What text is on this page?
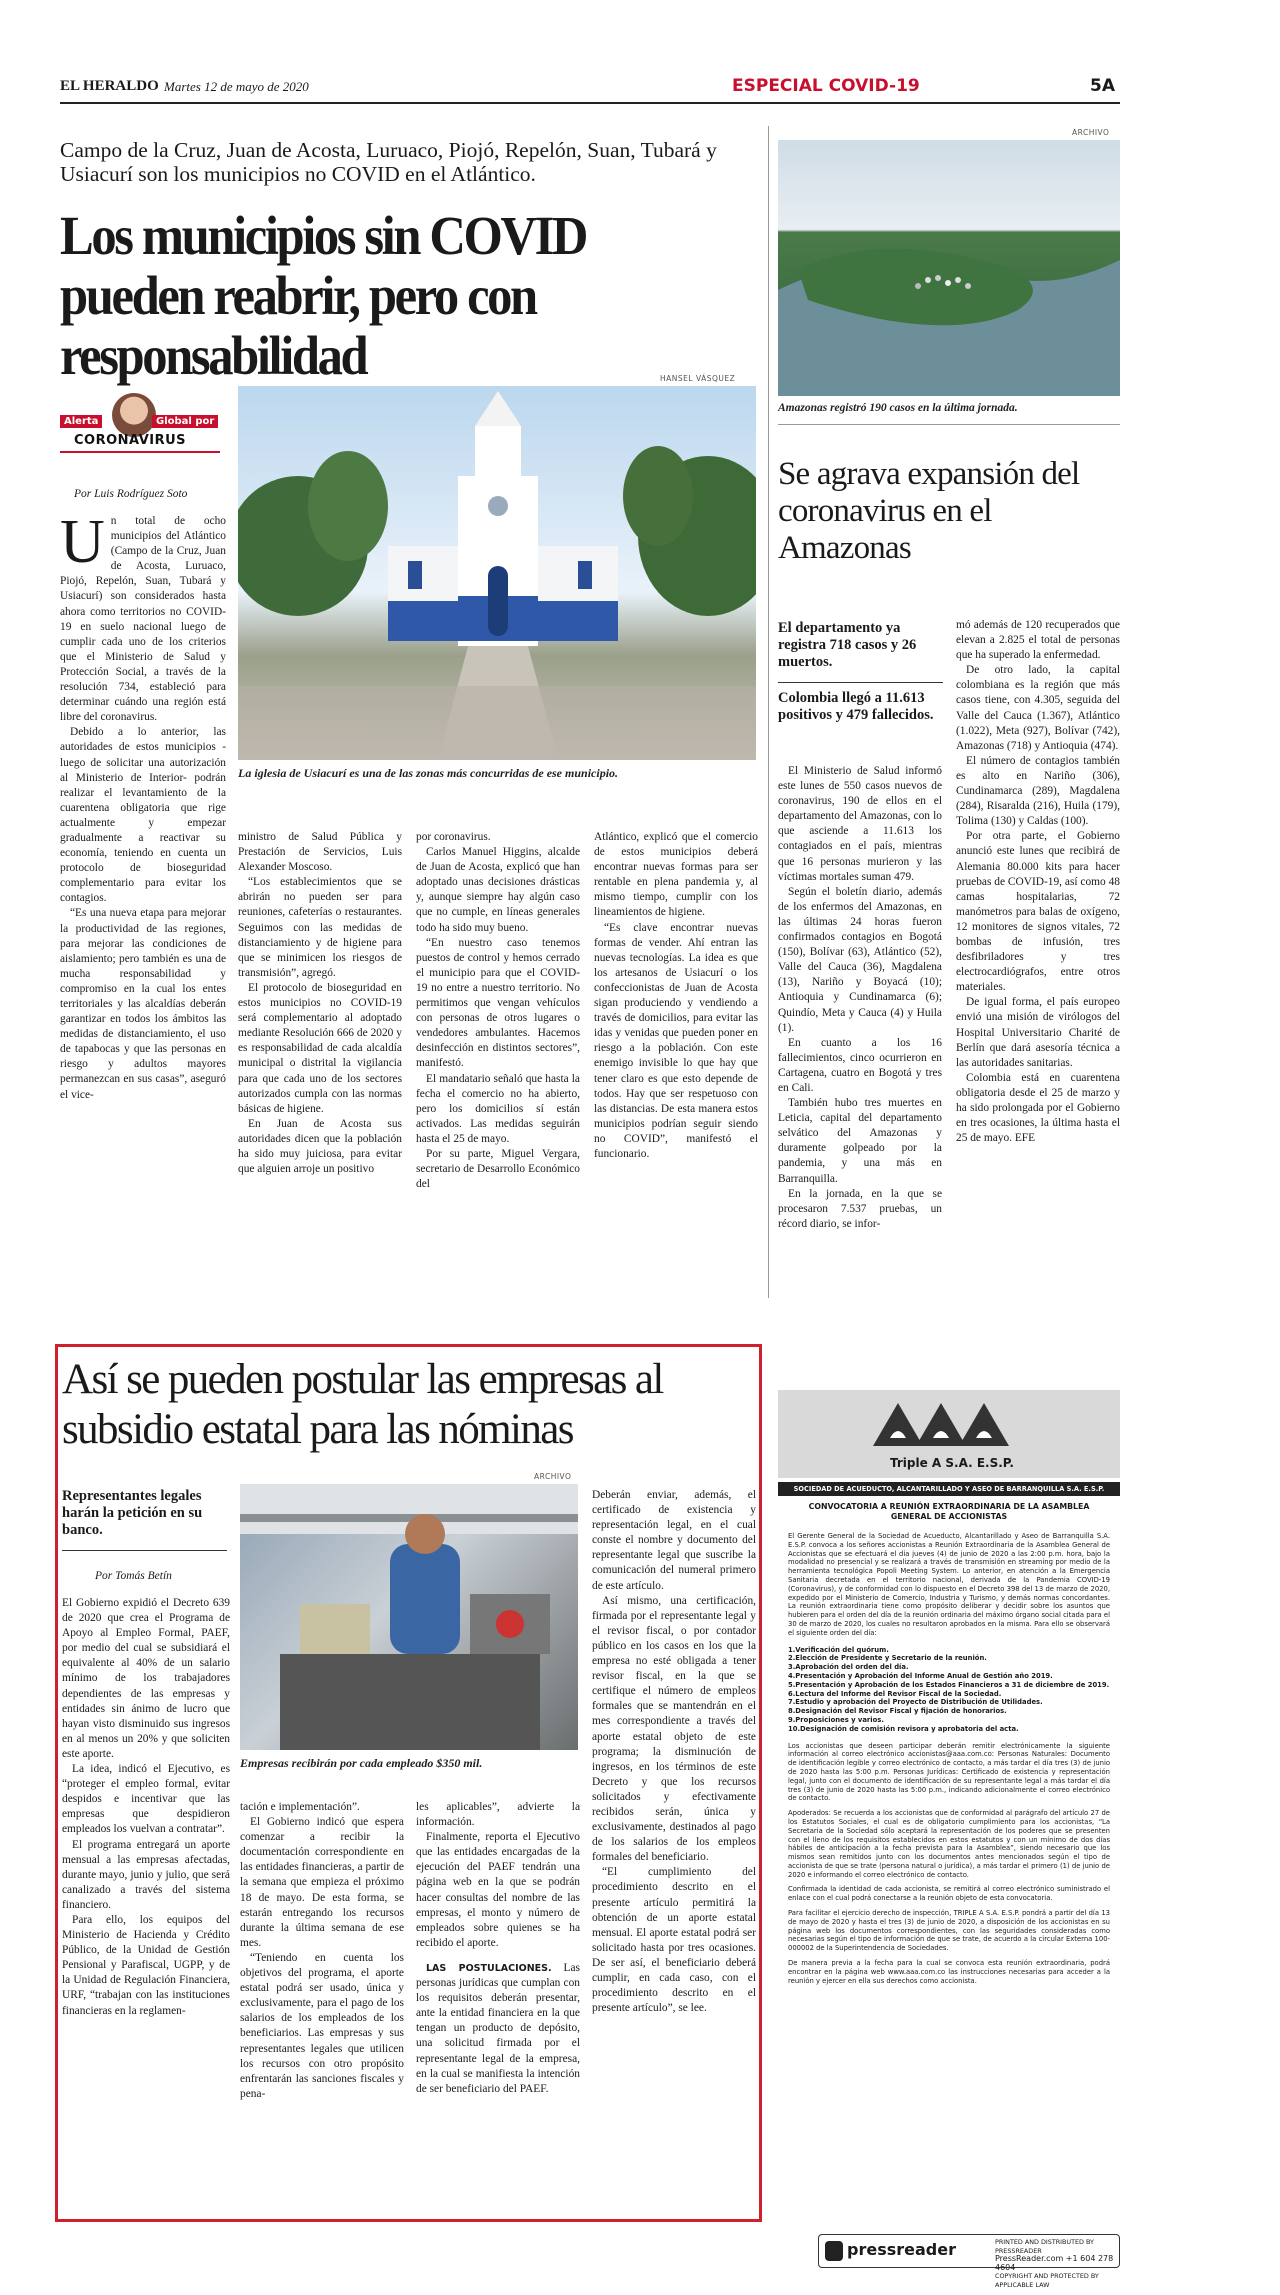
EL HERALDO Martes 12 de mayo de 2020	ESPECIAL COVID-19	5A
Campo de la Cruz, Juan de Acosta, Luruaco, Piojó, Repelón, Suan, Tubará y Usiacurí son los municipios no COVID en el Atlántico.
Los municipios sin COVID pueden reabrir, pero con responsabilidad
Alerta	Global por
CORONAVIRUS
HANSEL VÁSQUEZ
La iglesia de Usiacurí es una de las zonas más concurridas de ese municipio.
Por Luis Rodríguez Soto
U n total de ocho municipios del Atlántico (Campo de la Cruz, Juan de Acosta, Luruaco, Piojó, Repelón, Suan, Tubará y Usiacurí) son considerados hasta ahora como territorios no COVID-19 en suelo nacional luego de cumplir cada uno de los criterios que el Ministerio de Salud y Protección Social, a través de la resolución 734, estableció para determinar cuándo una región está libre del coronavirus.

Debido a lo anterior, las autoridades de estos municipios -luego de solicitar una autorización al Ministerio de Interior- podrán realizar el levantamiento de la cuarentena obligatoria que rige actualmente y empezar gradualmente a reactivar su economía, teniendo en cuenta un protocolo de bioseguridad complementario para evitar los contagios.

“Es una nueva etapa para mejorar la productividad de las regiones, para mejorar las condiciones de aislamiento; pero también es una de mucha responsabilidad y compromiso en la cual los entes territoriales y las alcaldías deberán garantizar en todos los ámbitos las medidas de distanciamiento, el uso de tapabocas y que las personas en riesgo y adultos mayores permanezcan en sus casas”, aseguró el vice-

ministro de Salud Pública y Prestación de Servicios, Luis Alexander Moscoso.

“Los establecimientos que se abrirán no pueden ser para reuniones, cafeterías o restaurantes. Seguimos con las medidas de distanciamiento y de higiene para que se minimicen los riesgos de transmisión”, agregó.

El protocolo de bioseguridad en estos municipios no COVID-19 será complementario al adoptado mediante Resolución 666 de 2020 y es responsabilidad de cada alcaldía municipal o distrital la vigilancia para que cada uno de los sectores autorizados cumpla con las normas básicas de higiene.

En Juan de Acosta sus autoridades dicen que la población ha sido muy juiciosa, para evitar que alguien arroje un positivo

por coronavirus.

Carlos Manuel Higgins, alcalde de Juan de Acosta, explicó que han adoptado unas decisiones drásticas y, aunque siempre hay algún caso que no cumple, en líneas generales todo ha sido muy bueno.

“En nuestro caso tenemos puestos de control y hemos cerrado el municipio para que el COVID-19 no entre a nuestro territorio. No permitimos que vengan vehículos con personas de otros lugares o vendedores ambulantes. Hacemos desinfección en distintos sectores”, manifestó.

El mandatario señaló que hasta la fecha el comercio no ha abierto, pero los domicilios sí están activados. Las medidas seguirán hasta el 25 de mayo.

Por su parte, Miguel Vergara, secretario de Desarrollo Económico del

Atlántico, explicó que el comercio de estos municipios deberá encontrar nuevas formas para ser rentable en plena pandemia y, al mismo tiempo, cumplir con los lineamientos de higiene.

“Es clave encontrar nuevas formas de vender. Ahí entran las nuevas tecnologías. La idea es que los artesanos de Usiacurí o los confeccionistas de Juan de Acosta sigan produciendo y vendiendo a través de domicilios, para evitar las idas y venidas que pueden poner en riesgo a la población. Con este enemigo invisible lo que hay que tener claro es que esto depende de todos. Hay que ser respetuoso con las distancias. De esta manera estos municipios podrían seguir siendo no COVID”, manifestó el funcionario.

ARCHIVO
Amazonas registró 190 casos en la última jornada.
Se agrava expansión del coronavirus en el Amazonas
El departamento ya registra 718 casos y 26 muertos.
Colombia llegó a 11.613 positivos y 479 fallecidos.

El Ministerio de Salud informó este lunes de 550 casos nuevos de coronavirus, 190 de ellos en el departamento del Amazonas, con lo que asciende a 11.613 los contagiados en el país, mientras que 16 personas murieron y las víctimas mortales suman 479.

Según el boletín diario, además de los enfermos del Amazonas, en las últimas 24 horas fueron confirmados contagios en Bogotá (150), Bolívar (63), Atlántico (52), Valle del Cauca (36), Magdalena (13), Nariño y Boyacá (10); Antioquia y Cundinamarca (6); Quindío, Meta y Cauca (4) y Huila (1).

En cuanto a los 16 fallecimientos, cinco ocurrieron en Cartagena, cuatro en Bogotá y tres en Cali.

También hubo tres muertes en Leticia, capital del departamento selvático del Amazonas y duramente golpeado por la pandemia, y una más en Barranquilla.

En la jornada, en la que se procesaron 7.537 pruebas, un récord diario, se infor-

mó además de 120 recuperados que elevan a 2.825 el total de personas que ha superado la enfermedad.

De otro lado, la capital colombiana es la región que más casos tiene, con 4.305, seguida del Valle del Cauca (1.367), Atlántico (1.022), Meta (927), Bolívar (742), Amazonas (718) y Antioquia (474).

El número de contagios también es alto en Nariño (306), Cundinamarca (289), Magdalena (284), Risaralda (216), Huila (179), Tolima (130) y Caldas (100).

Por otra parte, el Gobierno anunció este lunes que recibirá de Alemania 80.000 kits para hacer pruebas de COVID-19, así como 48 camas hospitalarias, 72 manómetros para balas de oxígeno, 12 monitores de signos vitales, 72 bombas de infusión, tres desfibriladores y tres electrocardiógrafos, entre otros materiales.

De igual forma, el país europeo envió una misión de virólogos del Hospital Universitario Charité de Berlín que dará asesoría técnica a las autoridades sanitarias.

Colombia está en cuarentena obligatoria desde el 25 de marzo y ha sido prolongada por el Gobierno en tres ocasiones, la última hasta el 25 de mayo. EFE

Así se pueden postular las empresas al subsidio estatal para las nóminas
Representantes legales harán la petición en su banco.
Por Tomás Betín
ARCHIVO
Empresas recibirán por cada empleado $350 mil.

El Gobierno expidió el Decreto 639 de 2020 que crea el Programa de Apoyo al Empleo Formal, PAEF, por medio del cual se subsidiará el equivalente al 40% de un salario mínimo de los trabajadores dependientes de las empresas y entidades sin ánimo de lucro que hayan visto disminuido sus ingresos en al menos un 20% y que soliciten este aporte.

La idea, indicó el Ejecutivo, es “proteger el empleo formal, evitar despidos e incentivar que las empresas que despidieron empleados los vuelvan a contratar”.

El programa entregará un aporte mensual a las empresas afectadas, durante mayo, junio y julio, que será canalizado a través del sistema financiero.

Para ello, los equipos del Ministerio de Hacienda y Crédito Público, de la Unidad de Gestión Pensional y Parafiscal, UGPP, y de la Unidad de Regulación Financiera, URF, “trabajan con las instituciones financieras en la reglamen-

tación e implementación”.

El Gobierno indicó que espera comenzar a recibir la documentación correspondiente en las entidades financieras, a partir de la semana que empieza el próximo 18 de mayo. De esta forma, se estarán entregando los recursos durante la última semana de ese mes.

“Teniendo en cuenta los objetivos del programa, el aporte estatal podrá ser usado, única y exclusivamente, para el pago de los salarios de los empleados de los beneficiarios. Las empresas y sus representantes legales que utilicen los recursos con otro propósito enfrentarán las sanciones fiscales y pena-

les aplicables”, advierte la información.

Finalmente, reporta el Ejecutivo que las entidades encargadas de la ejecución del PAEF tendrán una página web en la que se podrán hacer consultas del nombre de las empresas, el monto y número de empleados sobre quienes se ha recibido el aporte.

LAS POSTULACIONES. Las personas jurídicas que cumplan con los requisitos deberán presentar, ante la entidad financiera en la que tengan un producto de depósito, una solicitud firmada por el representante legal de la empresa, en la cual se manifiesta la intención de ser beneficiario del PAEF.

Deberán enviar, además, el certificado de existencia y representación legal, en el cual conste el nombre y documento del representante legal que suscribe la comunicación del numeral primero de este artículo.

Así mismo, una certificación, firmada por el representante legal y el revisor fiscal, o por contador público en los casos en los que la empresa no esté obligada a tener revisor fiscal, en la que se certifique el número de empleos formales que se mantendrán en el mes correspondiente a través del aporte estatal objeto de este programa; la disminución de ingresos, en los términos de este Decreto y que los recursos solicitados y efectivamente recibidos serán, única y exclusivamente, destinados al pago de los salarios de los empleos formales del beneficiario.

“El cumplimiento del procedimiento descrito en el presente artículo permitirá la obtención de un aporte estatal mensual. El aporte estatal podrá ser solicitado hasta por tres ocasiones. De ser así, el beneficiario deberá cumplir, en cada caso, con el procedimiento descrito en el presente artículo”, se lee.

Triple A S.A. E.S.P.
SOCIEDAD DE ACUEDUCTO, ALCANTARILLADO Y ASEO DE BARRANQUILLA S.A. E.S.P.
CONVOCATORIA A REUNIÓN EXTRAORDINARIA DE LA ASAMBLEA GENERAL DE ACCIONISTAS

El Gerente General de la Sociedad de Acueducto, Alcantarillado y Aseo de Barranquilla S.A. E.S.P. convoca a los señores accionistas a Reunión Extraordinaria de la Asamblea General de Accionistas que se efectuará el día jueves (4) de junio de 2020 a las 2:00 p.m. hora, bajo la modalidad no presencial y se realizará a través de transmisión en streaming por medio de la herramienta tecnológica Popoli Meeting System. Lo anterior, en atención a la Emergencia Sanitaria decretada en el territorio nacional, derivada de la Pandemia COVID-19 (Coronavirus), y de conformidad con lo dispuesto en el Decreto 398 del 13 de marzo de 2020, expedido por el Ministerio de Comercio, Industria y Turismo, y demás normas concordantes. La reunión extraordinaria tiene como propósito deliberar y decidir sobre los asuntos que hubieren para el orden del día de la reunión ordinaria del máximo órgano social citada para el 30 de marzo de 2020, los cuales no resultaron aprobados en la misma. Para ello se observará el siguiente orden del día:

1.Verificación del quórum.
2.Elección de Presidente y Secretario de la reunión.
3.Aprobación del orden del día.
4.Presentación y Aprobación del Informe Anual de Gestión año 2019.
5.Presentación y Aprobación de los Estados Financieros a 31 de diciembre de 2019.
6.Lectura del Informe del Revisor Fiscal de la Sociedad.
7.Estudio y aprobación del Proyecto de Distribución de Utilidades.
8.Designación del Revisor Fiscal y fijación de honorarios.
9.Proposiciones y varios.
10.Designación de comisión revisora y aprobatoria del acta.

Los accionistas que deseen participar deberán remitir electrónicamente la siguiente información al correo electrónico accionistas@aaa.com.co: Personas Naturales: Documento de identificación legible y correo electrónico de contacto, a más tardar el día tres (3) de junio de 2020 hasta las 5:00 p.m. Personas Jurídicas: Certificado de existencia y representación legal, junto con el documento de identificación de su representante legal a más tardar el día tres (3) de junio de 2020 hasta las 5:00 p.m., indicando adicionalmente el correo electrónico de contacto.

Apoderados: Se recuerda a los accionistas que de conformidad al parágrafo del artículo 27 de los Estatutos Sociales, el cual es de obligatorio cumplimiento para los accionistas, “La Secretaria de la Sociedad sólo aceptará la representación de los poderes que se presenten con el lleno de los requisitos establecidos en estos estatutos y con un mínimo de dos días hábiles de anticipación a la fecha prevista para la Asamblea”, siendo necesario que los mismos sean remitidos junto con los documentos antes mencionados según el tipo de accionista de que se trate (persona natural o jurídica), a más tardar el primero (1) de junio de 2020 e informando el correo electrónico de contacto.

Confirmada la identidad de cada accionista, se remitirá al correo electrónico suministrado el enlace con el cual podrá conectarse a la reunión objeto de esta convocatoria.

Para facilitar el ejercicio derecho de inspección, TRIPLE A S.A. E.S.P. pondrá a partir del día 13 de mayo de 2020 y hasta el tres (3) de junio de 2020, a disposición de los accionistas en su página web los documentos correspondientes, con las seguridades consideradas como necesarias según el tipo de información de que se trate, de acuerdo a la circular Externa 100-000002 de la Superintendencia de Sociedades.

De manera previa a la fecha para la cual se convoca esta reunión extraordinaria, podrá encontrar en la página web www.aaa.com.co las instrucciones necesarias para acceder a la reunión y ejercer en ella sus derechos como accionista.

pressreader	PRINTED AND DISTRIBUTED BY PRESSREADER
PressReader.com +1 604 278 4604
COPYRIGHT AND PROTECTED BY APPLICABLE LAW
